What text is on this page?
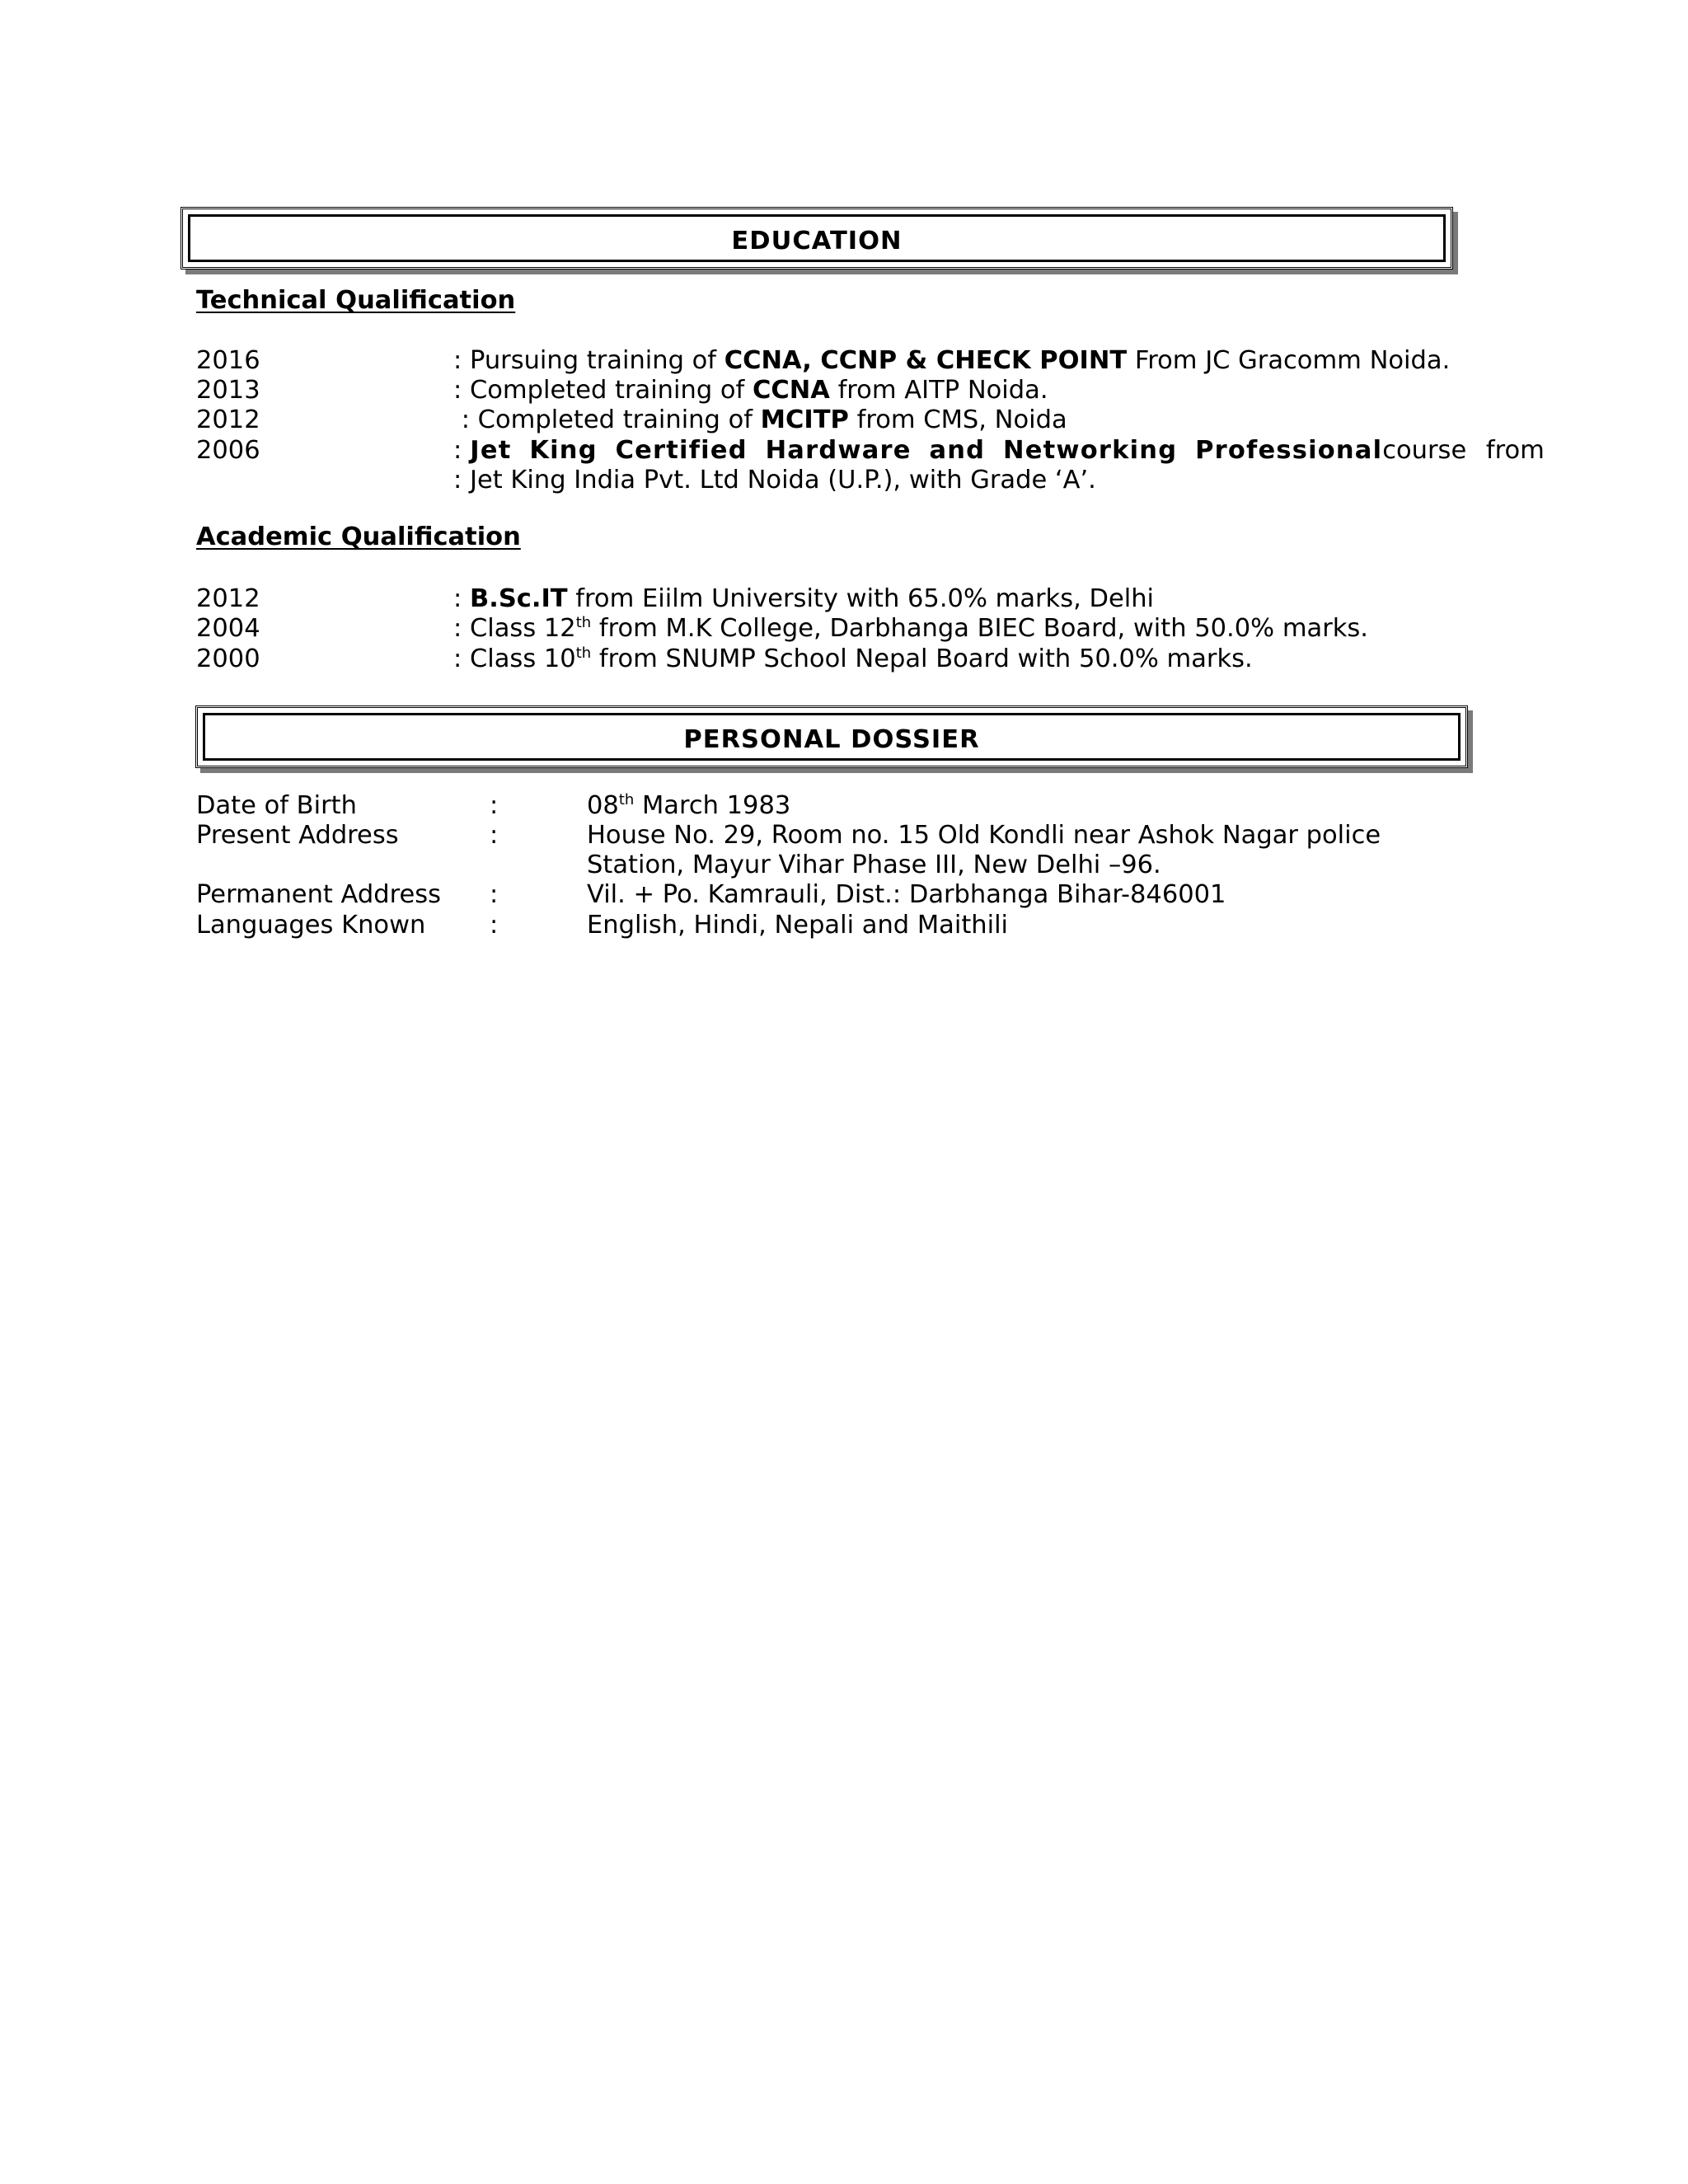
EDUCATION
Technical Qualification
2016	: Pursuing training of CCNA, CCNP & CHECK POINT From JC Gracomm Noida.
2013	: Completed training of CCNA from AITP Noida.
2012	: Completed training of MCITP from CMS, Noida
2006	: Jet King Certified Hardware and Networking Professional course from
: Jet King India Pvt. Ltd Noida (U.P.), with Grade ‘A’.
Academic Qualification
2012	: B.Sc.IT from Eiilm University with 65.0% marks, Delhi
2004	: Class 12th from M.K College, Darbhanga BIEC Board, with 50.0% marks.
2000	: Class 10th from SNUMP School Nepal Board with 50.0% marks.
PERSONAL DOSSIER
Date of Birth	:	08th March 1983
Present Address	:	House No. 29, Room no. 15 Old Kondli near Ashok Nagar police
Station, Mayur Vihar Phase III, New Delhi –96.
Permanent Address :	Vil. + Po. Kamrauli, Dist.: Darbhanga Bihar-846001
Languages Known	:	English, Hindi, Nepali and Maithili
